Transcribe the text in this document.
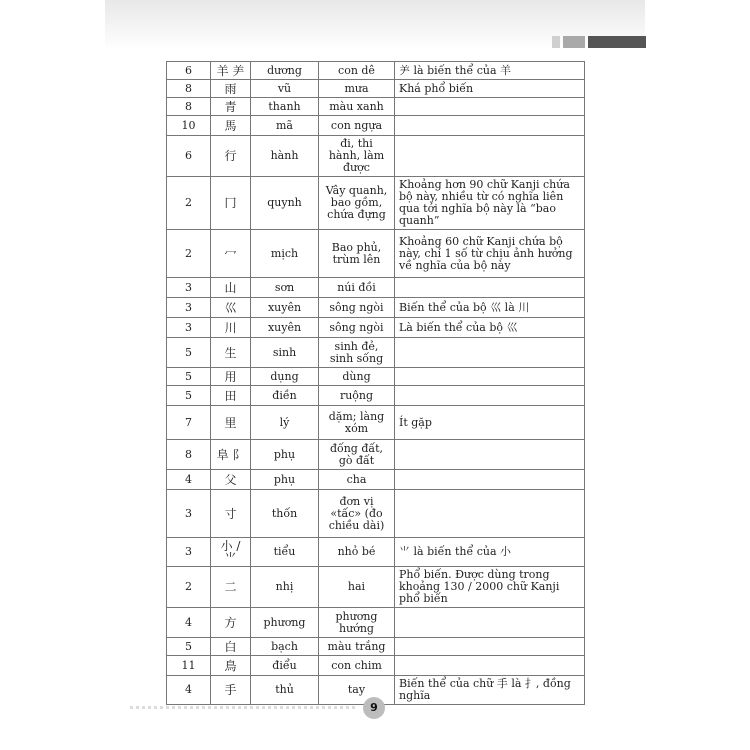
6	羊 ⺶	dương	con dê	⺶ là biến thể của 羊
8	雨	vũ	mưa	Khá phổ biến
8	青	thanh	màu xanh	
10	馬	mã	con ngựa	
6	行	hành	đi, thi hành, làm được	
2	冂	quynh	Vây quanh, bao gồm, chứa đựng	Khoảng hơn 90 chữ Kanji chứa bộ này, nhiều từ có nghĩa liên qua tới nghĩa bộ này là “bao quanh”
2	冖	mịch	Bao phủ, trùm lên	Khoảng 60 chữ Kanji chứa bộ này, chỉ 1 số từ chịu ảnh hưởng về nghĩa của bộ này
3	山	sơn	núi đồi	
3	巛	xuyên	sông ngòi	Biến thể của bộ 巛 là 川
3	川	xuyên	sông ngòi	Là biến thể của bộ 巛
5	生	sinh	sinh đẻ, sinh sống	
5	用	dụng	dùng	
5	田	điền	ruộng	
7	里	lý	dặm; làng xóm	Ít gặp
8	阜 阝	phụ	đống đất, gò đất	
4	父	phụ	cha	
3	寸	thốn	đơn vị «tấc» (đo chiều dài)	
3	小 / ⺌	tiểu	nhỏ bé	⺌ là biến thể của 小
2	二	nhị	hai	Phổ biến. Được dùng trong khoảng 130 / 2000 chữ Kanji phổ biến
4	方	phương	phương hướng	
5	白	bạch	màu trắng	
11	鳥	điểu	con chim	
4	手	thủ	tay	Biến thể của chữ 手 là 扌, đồng nghĩa
9
